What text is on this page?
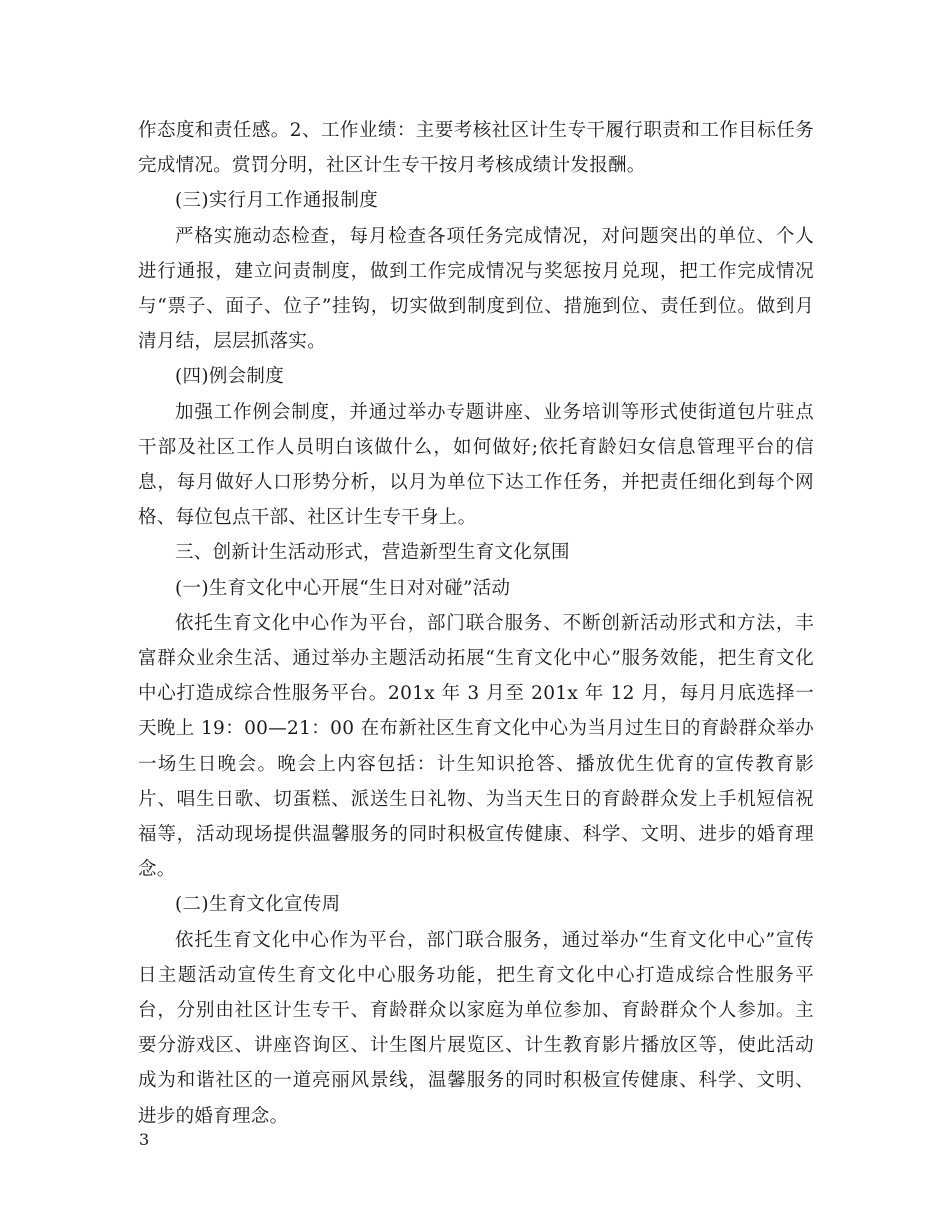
作态度和责任感。2、工作业绩：主要考核社区计生专干履行职责和工作目标任务完成情况。赏罚分明，社区计生专干按月考核成绩计发报酬。

(三)实行月工作通报制度

严格实施动态检查，每月检查各项任务完成情况，对问题突出的单位、个人进行通报，建立问责制度，做到工作完成情况与奖惩按月兑现，把工作完成情况与“票子、面子、位子”挂钩，切实做到制度到位、措施到位、责任到位。做到月清月结，层层抓落实。

(四)例会制度

加强工作例会制度，并通过举办专题讲座、业务培训等形式使街道包片驻点干部及社区工作人员明白该做什么，如何做好;依托育龄妇女信息管理平台的信息，每月做好人口形势分析，以月为单位下达工作任务，并把责任细化到每个网格、每位包点干部、社区计生专干身上。

三、创新计生活动形式，营造新型生育文化氛围

(一)生育文化中心开展“生日对对碰”活动

依托生育文化中心作为平台，部门联合服务、不断创新活动形式和方法，丰富群众业余生活、通过举办主题活动拓展“生育文化中心”服务效能，把生育文化中心打造成综合性服务平台。201x 年 3 月至 201x 年 12 月，每月月底选择一天晚上 19：00—21：00 在布新社区生育文化中心为当月过生日的育龄群众举办一场生日晚会。晚会上内容包括：计生知识抢答、播放优生优育的宣传教育影片、唱生日歌、切蛋糕、派送生日礼物、为当天生日的育龄群众发上手机短信祝福等，活动现场提供温馨服务的同时积极宣传健康、科学、文明、进步的婚育理念。

(二)生育文化宣传周

依托生育文化中心作为平台，部门联合服务，通过举办“生育文化中心”宣传日主题活动宣传生育文化中心服务功能，把生育文化中心打造成综合性服务平台，分别由社区计生专干、育龄群众以家庭为单位参加、育龄群众个人参加。主要分游戏区、讲座咨询区、计生图片展览区、计生教育影片播放区等，使此活动成为和谐社区的一道亮丽风景线，温馨服务的同时积极宣传健康、科学、文明、进步的婚育理念。

3
